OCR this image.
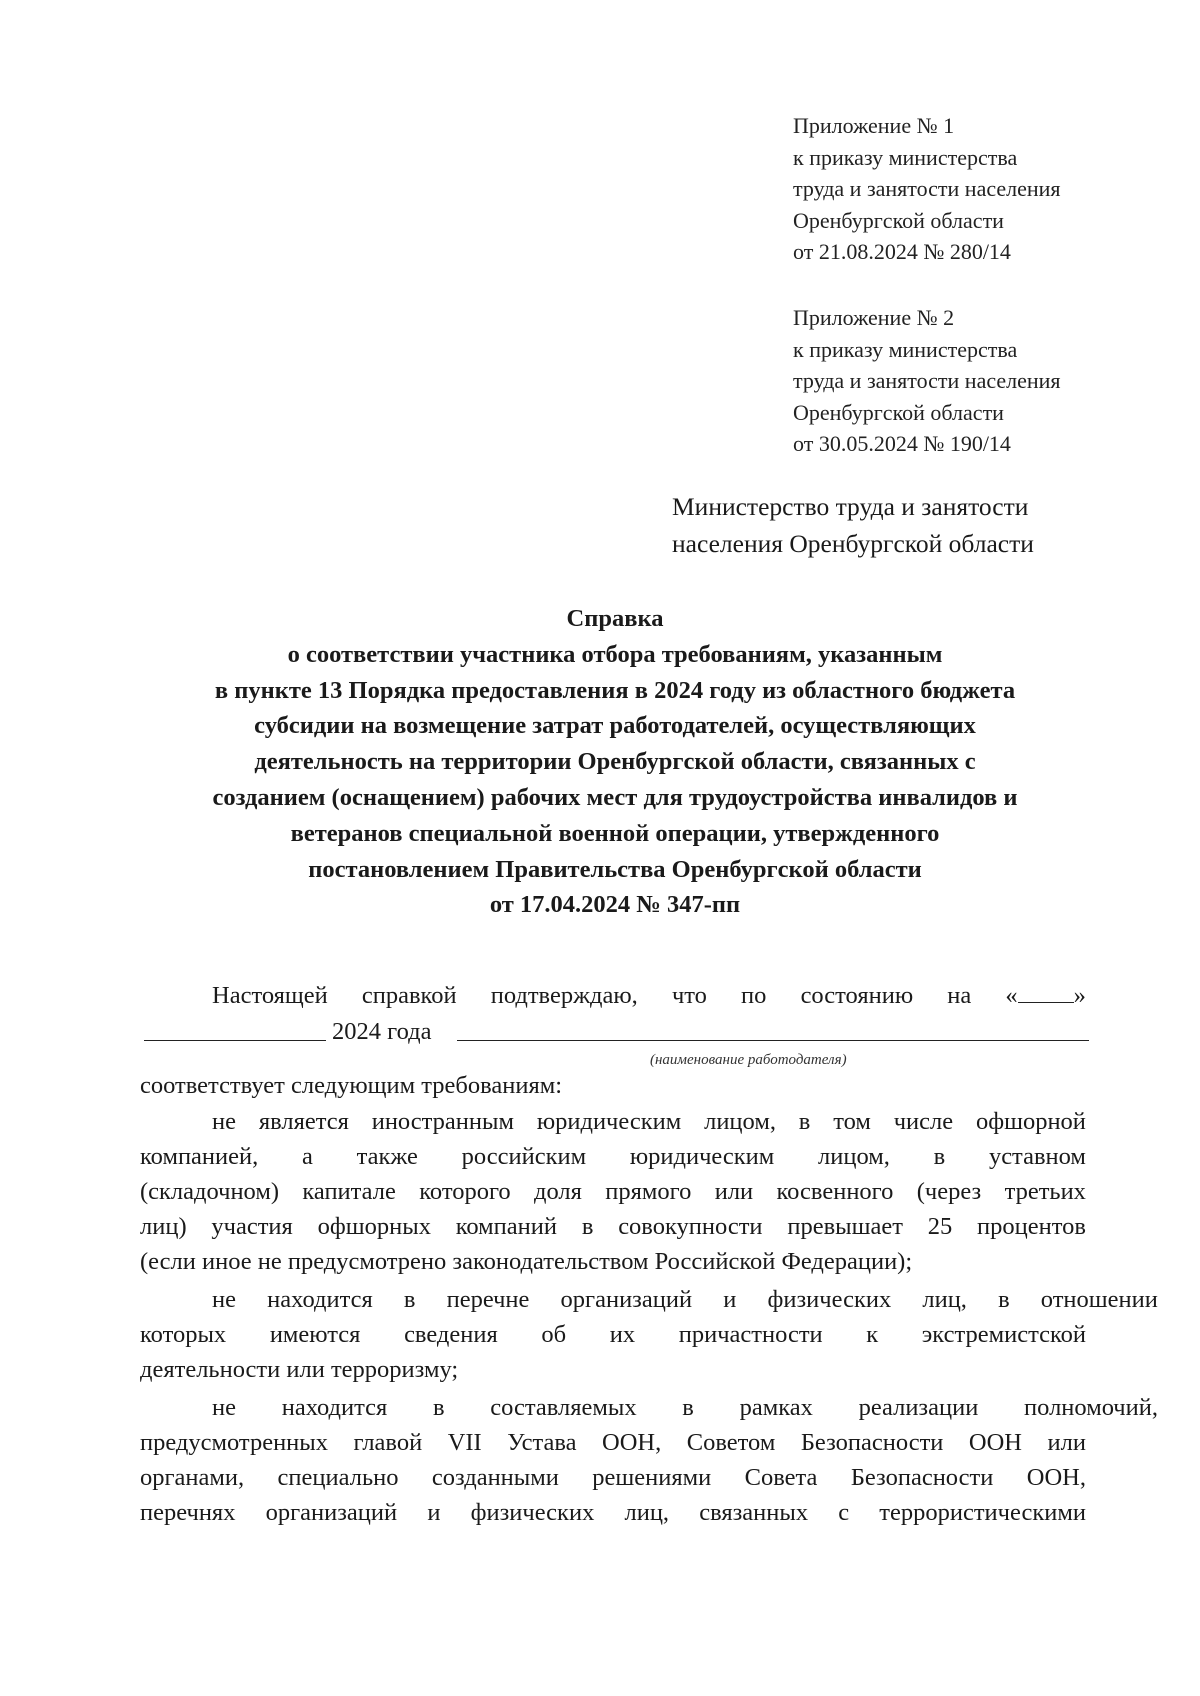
Приложение № 1
к приказу министерства
труда и занятости населения
Оренбургской области
от 21.08.2024 № 280/14
Приложение № 2
к приказу министерства
труда и занятости населения
Оренбургской области
от 30.05.2024 № 190/14
Министерство труда и занятости
населения Оренбургской области
Справка
о соответствии участника отбора требованиям, указанным
в пункте 13 Порядка предоставления в 2024 году из областного бюджета
субсидии на возмещение затрат работодателей, осуществляющих
деятельность на территории Оренбургской области, связанных с
созданием (оснащением) рабочих мест для трудоустройства инвалидов и
ветеранов специальной военной операции, утвержденного
постановлением Правительства Оренбургской области
от 17.04.2024 № 347-пп
Настоящей справкой подтверждаю, что по состоянию на « »
2024 года
(наименование работодателя)
соответствует следующим требованиям:
не является иностранным юридическим лицом, в том числе офшорной
компанией, а также российским юридическим лицом, в уставном
(складочном) капитале которого доля прямого или косвенного (через третьих
лиц) участия офшорных компаний в совокупности превышает 25 процентов
(если иное не предусмотрено законодательством Российской Федерации);
не находится в перечне организаций и физических лиц, в отношении
которых имеются сведения об их причастности к экстремистской
деятельности или терроризму;
не находится в составляемых в рамках реализации полномочий,
предусмотренных главой VII Устава ООН, Советом Безопасности ООН или
органами, специально созданными решениями Совета Безопасности ООН,
перечнях организаций и физических лиц, связанных с террористическими
